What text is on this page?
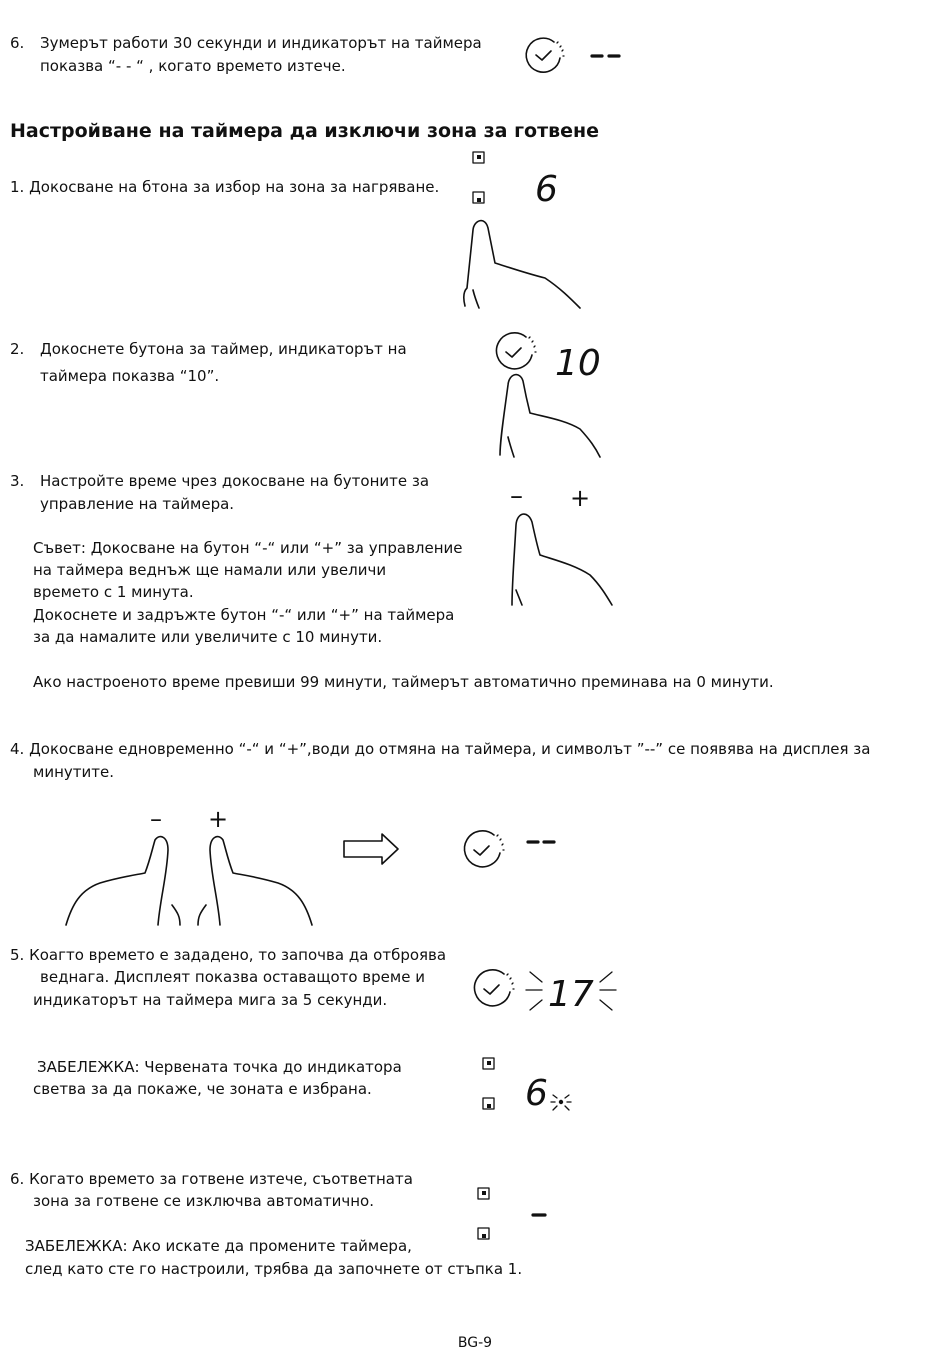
6. Зумерът работи 30 секунди и индикаторът на таймера

показва “- - “ , когато времето изтече.

Настройване на таймера да изключи зона за готвене

1. Докосване на бтона за избор на зона за нагряване.	6

2. Докоснете бутона за таймер, индикаторът на

таймера показва “10”.	10

3. Настройте време чрез докосване на бутоните за

управление на таймера.

Съвет: Докосване на бутон “-“ или “+” за управление

на таймера веднъж ще намали или увеличи

времето с 1 минута.

Докоснете и задръжте бутон “-“ или “+” на таймера

за да намалите или увеличите с 10 минути.

Ако настроеното време превиши 99 минути, таймерът автоматично преминава на 0 минути.

– +

4. Докосване едновременно “-“ и “+”,води до отмяна на таймера, и символът ”--” се появява на дисплея за

минутите.

– +

5. Коагто времето е зададено, то започва да отброява

веднага. Дисплеят показва оставащото време и

индикаторът на таймера мига за 5 секунди.	17

ЗАБЕЛЕЖКА: Червената точка до индикатора

светва за да покаже, че зоната е избрана.	6

6. Когато времето за готвене изтече, съответната

зона за готвене се изключва автоматично.

ЗАБЕЛЕЖКА: Ако искате да промените таймера,

след като сте го настроили, трябва да започнете от стъпка 1.

BG-9
